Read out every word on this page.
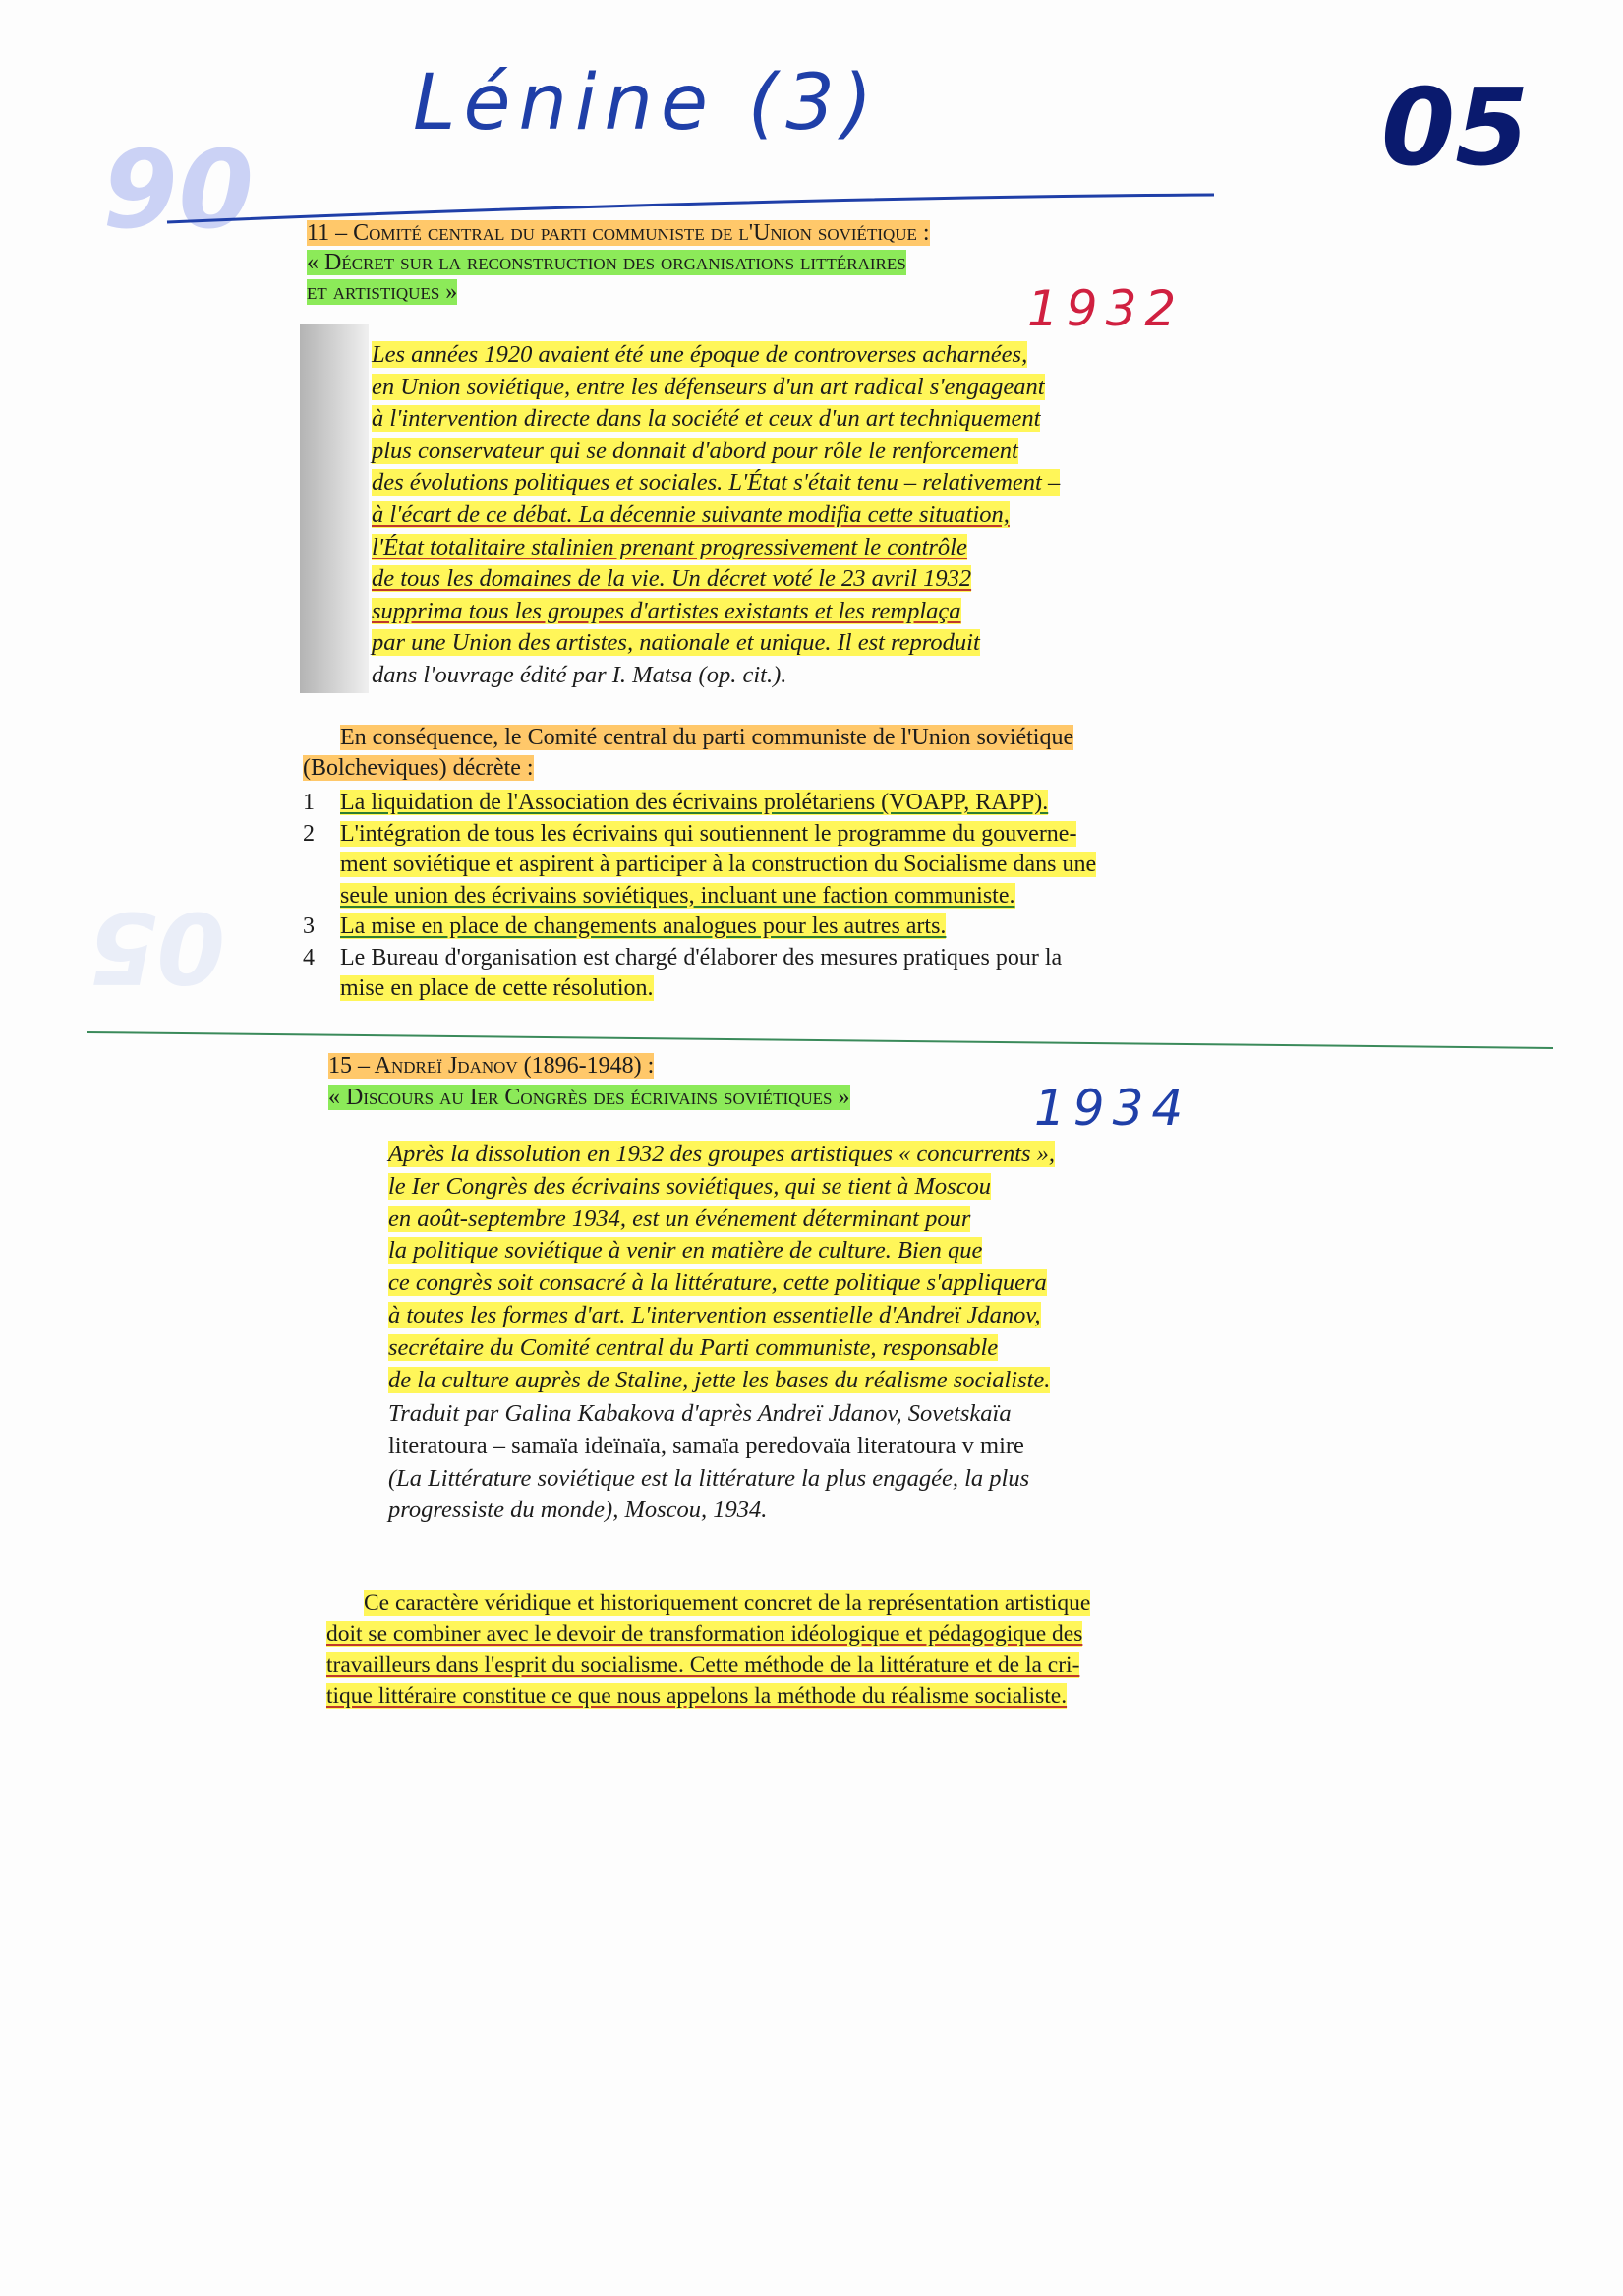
Lénine (3)	05
06
05
11 – Comité central du parti communiste de l'Union soviétique :
« Décret sur la reconstruction des organisations littéraires
et artistiques »	1932
Les années 1920 avaient été une époque de controverses acharnées,
en Union soviétique, entre les défenseurs d'un art radical s'engageant
à l'intervention directe dans la société et ceux d'un art techniquement
plus conservateur qui se donnait d'abord pour rôle le renforcement
des évolutions politiques et sociales. L'État s'était tenu – relativement –
à l'écart de ce débat. La décennie suivante modifia cette situation,
l'État totalitaire stalinien prenant progressivement le contrôle
de tous les domaines de la vie. Un décret voté le 23 avril 1932
supprima tous les groupes d'artistes existants et les remplaça
par une Union des artistes, nationale et unique. Il est reproduit
dans l'ouvrage édité par I. Matsa (op. cit.).
En conséquence, le Comité central du parti communiste de l'Union soviétique
(Bolcheviques) décrète :
1	La liquidation de l'Association des écrivains prolétariens (VOAPP, RAPP).
2	L'intégration de tous les écrivains qui soutiennent le programme du gouverne-
ment soviétique et aspirent à participer à la construction du Socialisme dans une
seule union des écrivains soviétiques, incluant une faction communiste.
3	La mise en place de changements analogues pour les autres arts.
4	Le Bureau d'organisation est chargé d'élaborer des mesures pratiques pour la
mise en place de cette résolution.
15 – Andreï Jdanov (1896-1948) :
« Discours au Ier Congrès des écrivains soviétiques »	1934
Après la dissolution en 1932 des groupes artistiques « concurrents »,
le Ier Congrès des écrivains soviétiques, qui se tient à Moscou
en août-septembre 1934, est un événement déterminant pour
la politique soviétique à venir en matière de culture. Bien que
ce congrès soit consacré à la littérature, cette politique s'appliquera
à toutes les formes d'art. L'intervention essentielle d'Andreï Jdanov,
secrétaire du Comité central du Parti communiste, responsable
de la culture auprès de Staline, jette les bases du réalisme socialiste.
Traduit par Galina Kabakova d'après Andreï Jdanov, Sovetskaïa
literatoura – samaïa ideïnaïa, samaïa peredovaïa literatoura v mire
(La Littérature soviétique est la littérature la plus engagée, la plus
progressiste du monde), Moscou, 1934.
Ce caractère véridique et historiquement concret de la représentation artistique
doit se combiner avec le devoir de transformation idéologique et pédagogique des
travailleurs dans l'esprit du socialisme. Cette méthode de la littérature et de la cri-
tique littéraire constitue ce que nous appelons la méthode du réalisme socialiste.
